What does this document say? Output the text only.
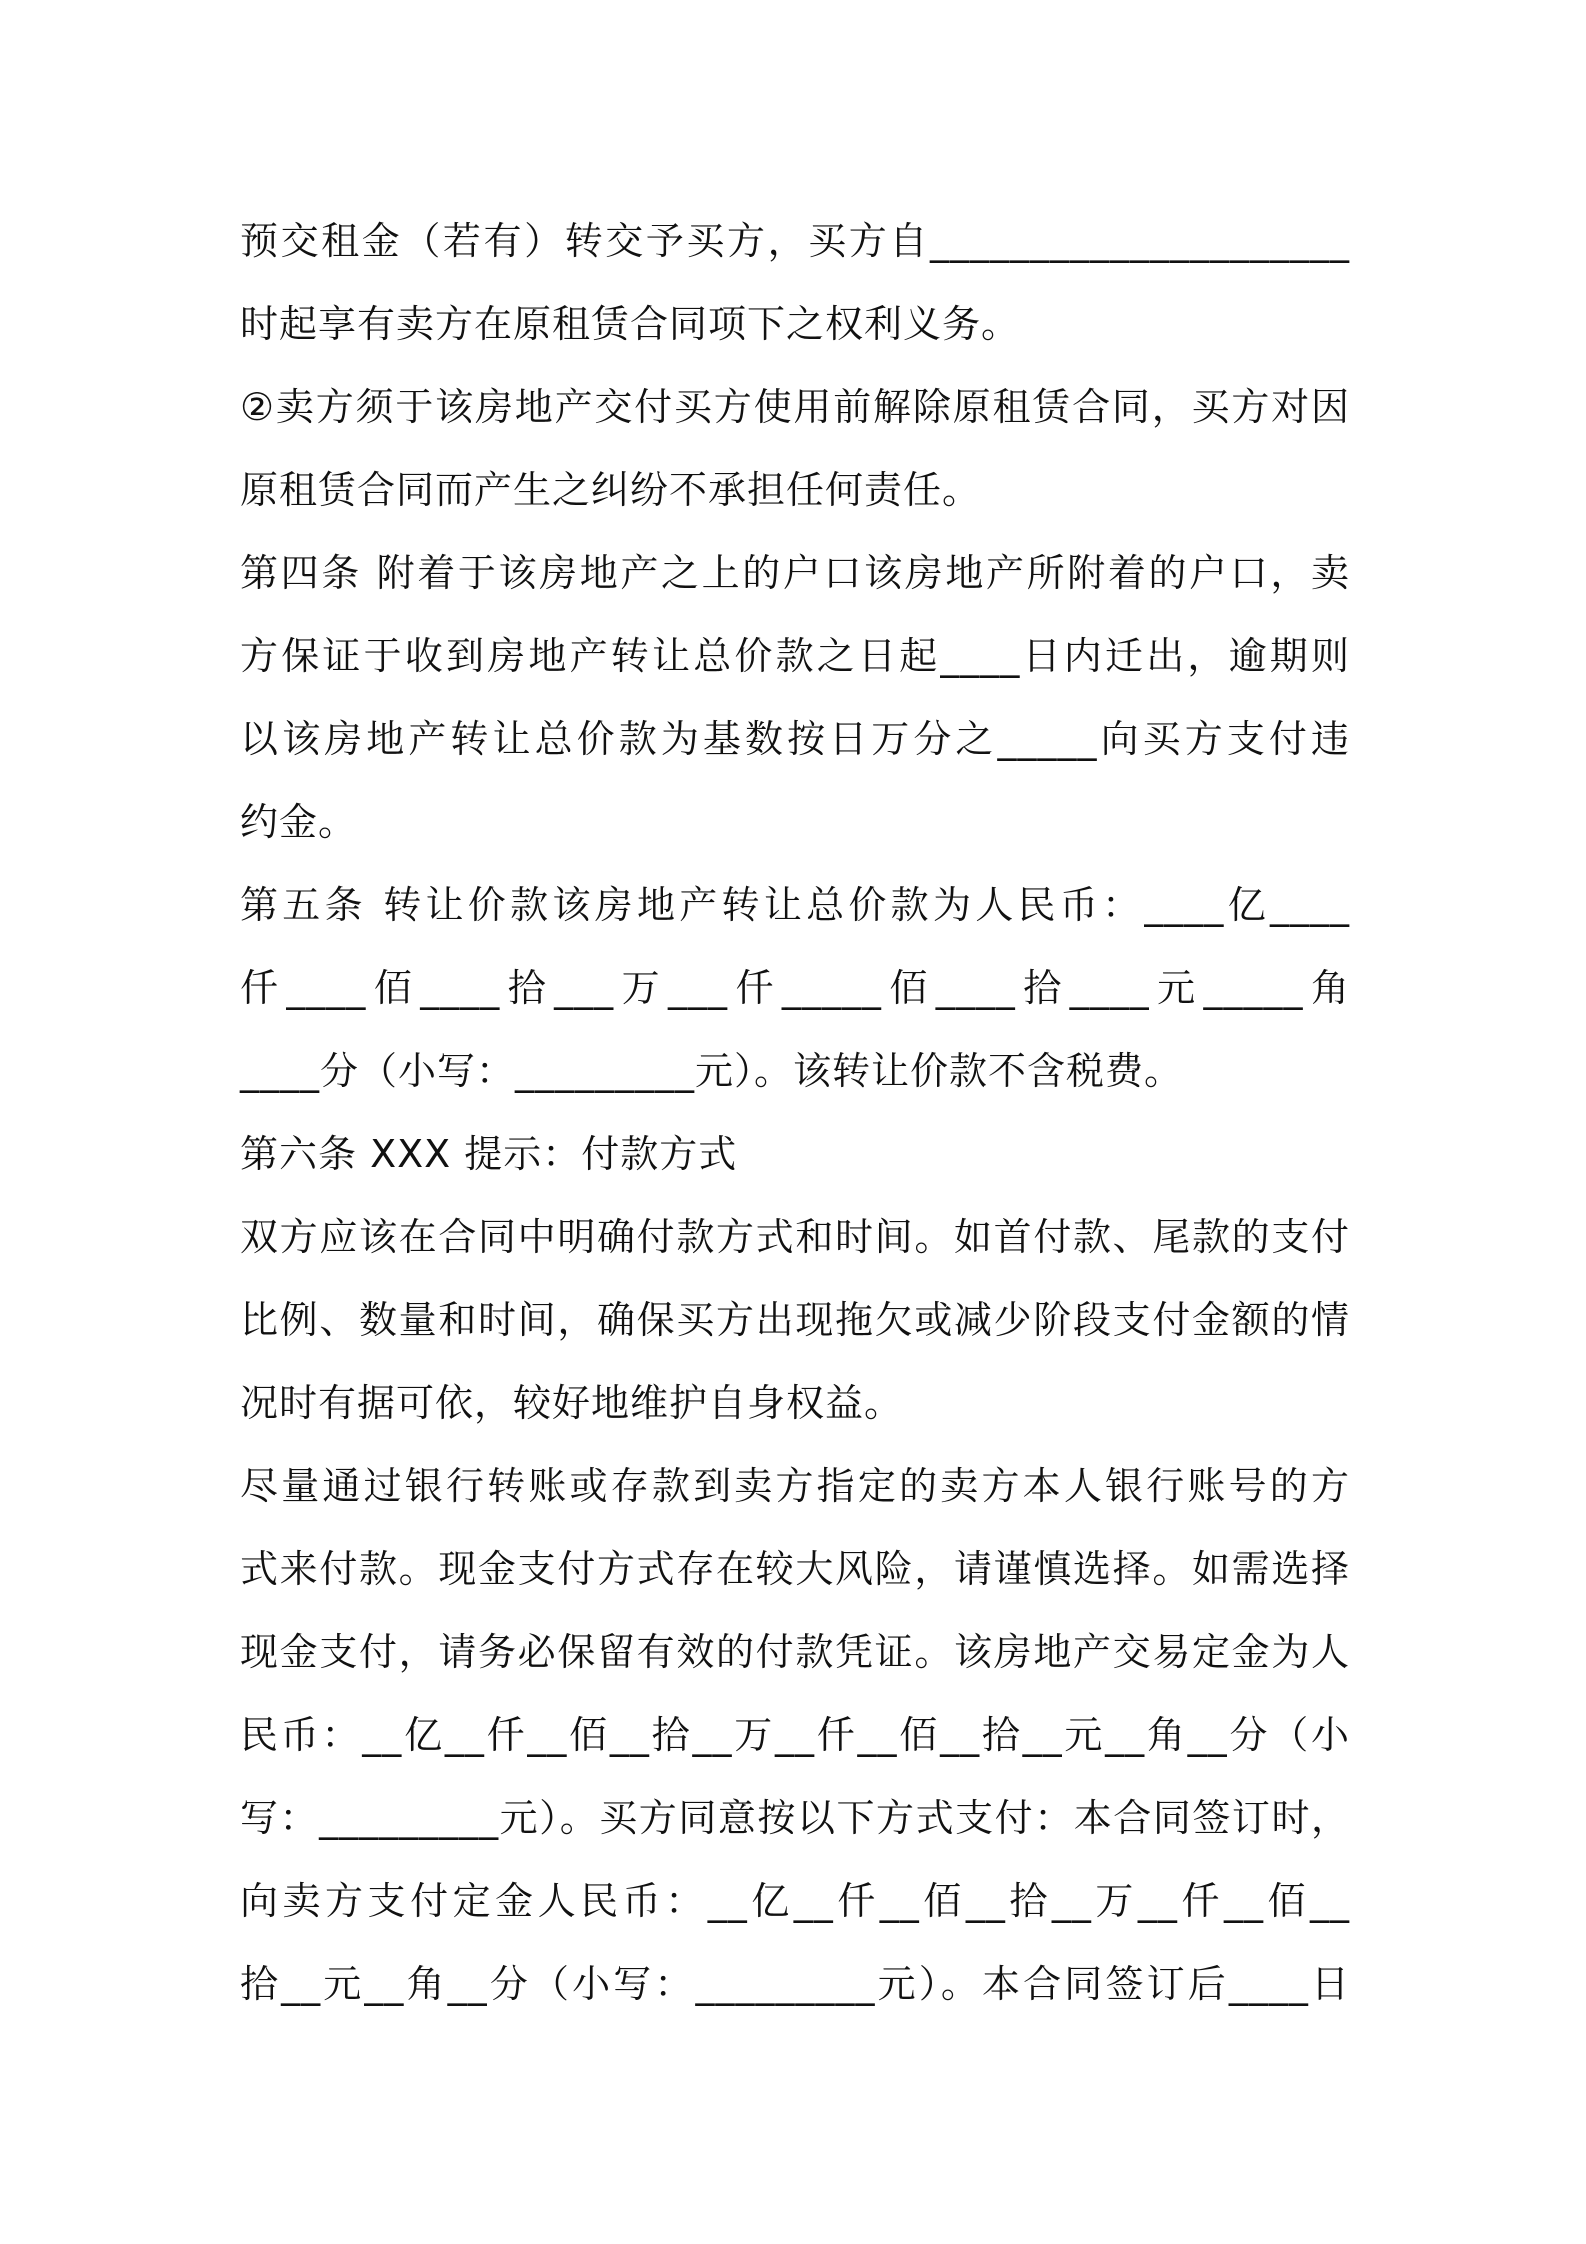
预交租金（若有）转交予买方，买方自_____________________
时起享有卖方在原租赁合同项下之权利义务。
②卖方须于该房地产交付买方使用前解除原租赁合同，买方对因
原租赁合同而产生之纠纷不承担任何责任。
第四条 附着于该房地产之上的户口该房地产所附着的户口，卖
方保证于收到房地产转让总价款之日起____日内迁出，逾期则
以该房地产转让总价款为基数按日万分之_____向买方支付违
约金。
第五条 转让价款该房地产转让总价款为人民币：____亿____
仟____佰____拾___万___仟_____佰____拾____元_____角
____分（小写：_________元）。该转让价款不含税费。
第六条 XXX 提示：付款方式
双方应该在合同中明确付款方式和时间。如首付款、尾款的支付
比例、数量和时间，确保买方出现拖欠或减少阶段支付金额的情
况时有据可依，较好地维护自身权益。
尽量通过银行转账或存款到卖方指定的卖方本人银行账号的方
式来付款。现金支付方式存在较大风险，请谨慎选择。如需选择
现金支付，请务必保留有效的付款凭证。该房地产交易定金为人
民币：__亿__仟__佰__拾__万__仟__佰__拾__元__角__分（小
写：_________元）。买方同意按以下方式支付：本合同签订时，
向卖方支付定金人民币：__亿__仟__佰__拾__万__仟__佰__
拾__元__角__分（小写：_________元）。本合同签订后____日
